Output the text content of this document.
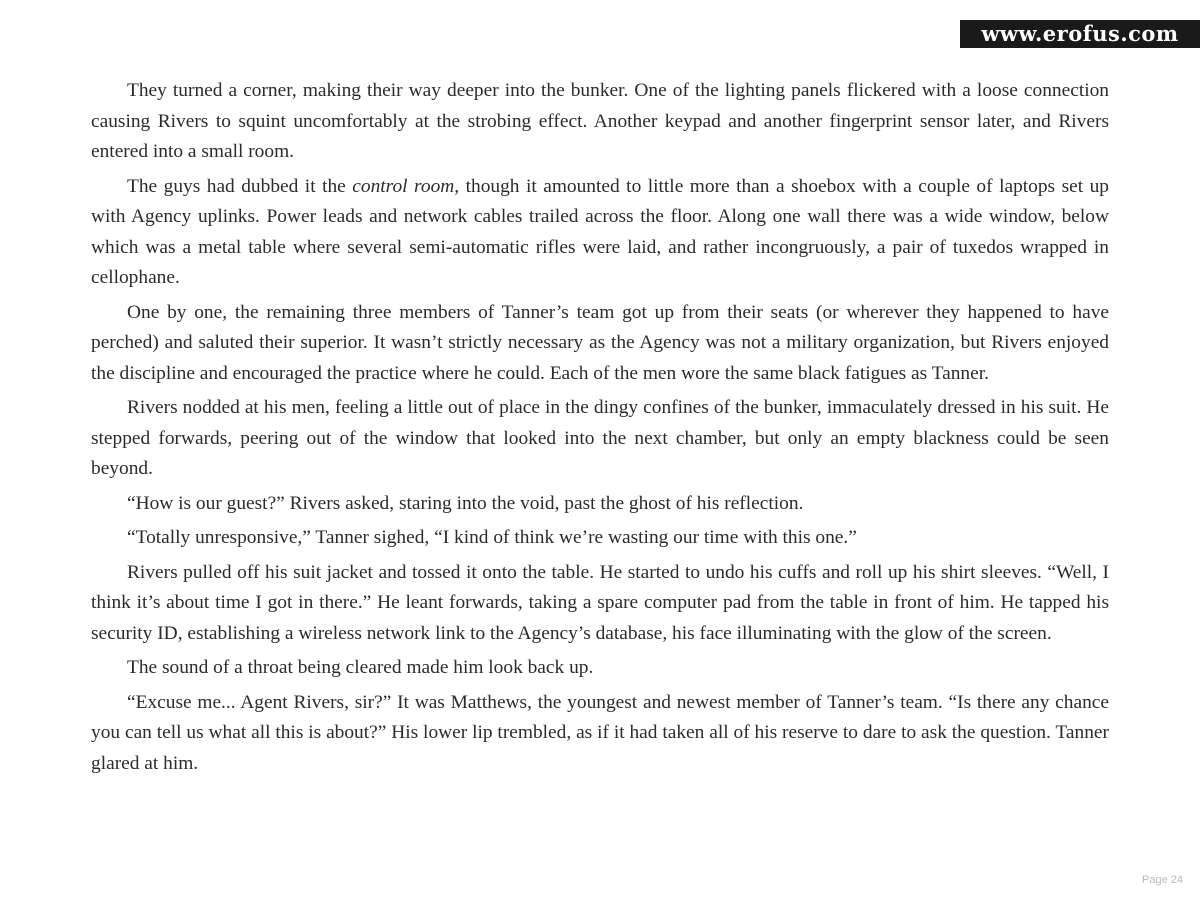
www.erofus.com

They turned a corner, making their way deeper into the bunker. One of the lighting panels flickered with a loose connection causing Rivers to squint uncomfortably at the strobing effect. Another keypad and another fingerprint sensor later, and Rivers entered into a small room.

The guys had dubbed it the control room, though it amounted to little more than a shoebox with a couple of laptops set up with Agency uplinks. Power leads and network cables trailed across the floor. Along one wall there was a wide window, below which was a metal table where several semi-automatic rifles were laid, and rather incongruously, a pair of tuxedos wrapped in cellophane.

One by one, the remaining three members of Tanner’s team got up from their seats (or wherever they happened to have perched) and saluted their superior. It wasn’t strictly necessary as the Agency was not a military organization, but Rivers enjoyed the discipline and encouraged the practice where he could. Each of the men wore the same black fatigues as Tanner.

Rivers nodded at his men, feeling a little out of place in the dingy confines of the bunker, immaculately dressed in his suit. He stepped forwards, peering out of the window that looked into the next chamber, but only an empty blackness could be seen beyond.

“How is our guest?” Rivers asked, staring into the void, past the ghost of his reflection.

“Totally unresponsive,” Tanner sighed, “I kind of think we’re wasting our time with this one.”

Rivers pulled off his suit jacket and tossed it onto the table. He started to undo his cuffs and roll up his shirt sleeves. “Well, I think it’s about time I got in there.” He leant forwards, taking a spare computer pad from the table in front of him. He tapped his security ID, establishing a wireless network link to the Agency’s database, his face illuminating with the glow of the screen.

The sound of a throat being cleared made him look back up.

“Excuse me... Agent Rivers, sir?” It was Matthews, the youngest and newest member of Tanner’s team. “Is there any chance you can tell us what all this is about?” His lower lip trembled, as if it had taken all of his reserve to dare to ask the question. Tanner glared at him.

Page 24
